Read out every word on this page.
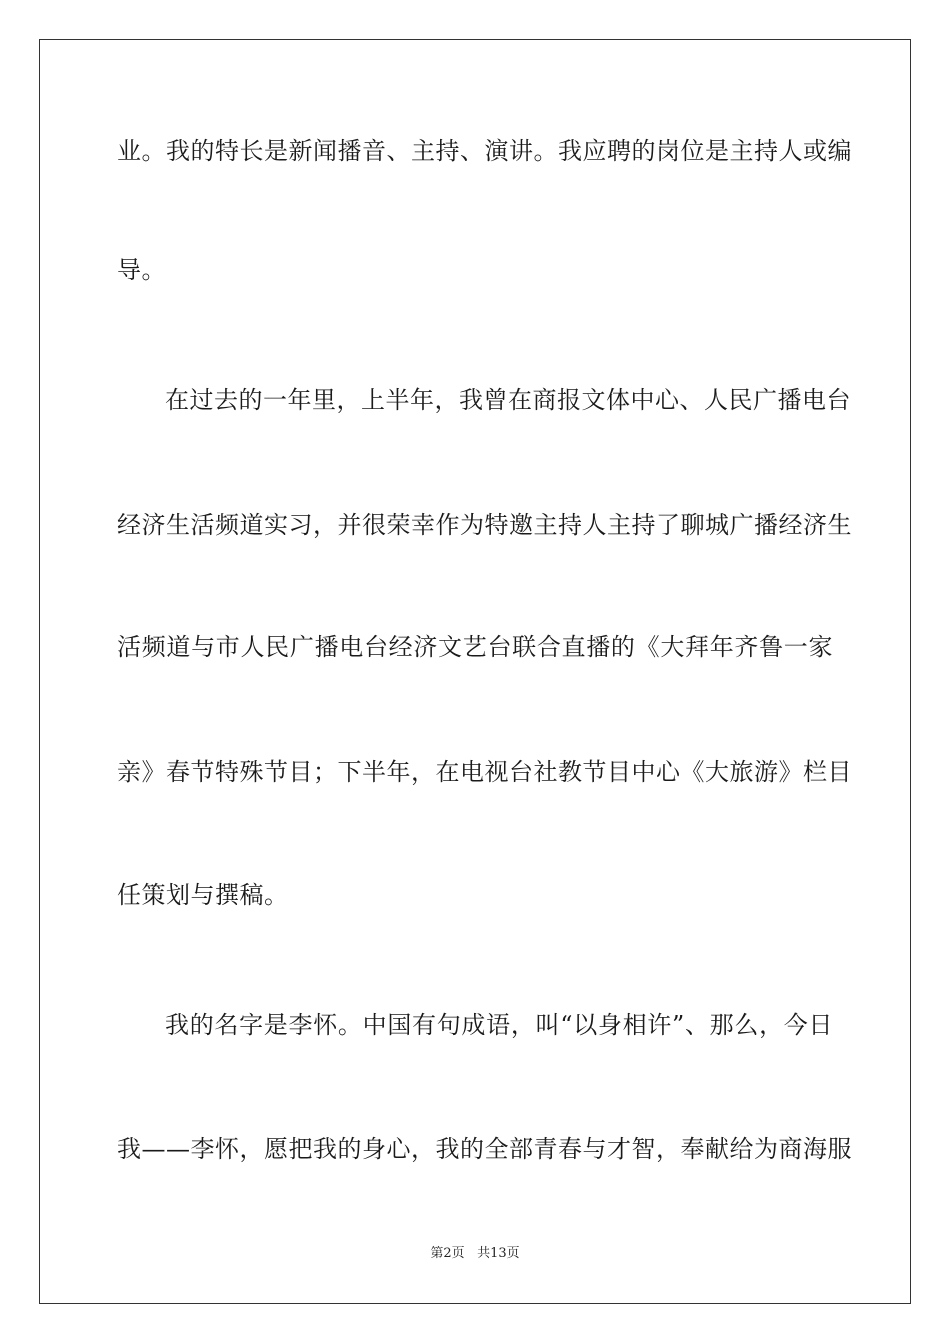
业。我的特长是新闻播音、主持、演讲。我应聘的岗位是主持人或编
导。
在过去的一年里，上半年，我曾在商报文体中心、人民广播电台
经济生活频道实习，并很荣幸作为特邀主持人主持了聊城广播经济生
活频道与市人民广播电台经济文艺台联合直播的《大拜年齐鲁一家
亲》春节特殊节目；下半年，在电视台社教节目中心《大旅游》栏目
任策划与撰稿。
我的名字是李怀。中国有句成语，叫“以身相许”、那么，今日
我——李怀，愿把我的身心，我的全部青春与才智，奉献给为商海服
第2页 共13页
